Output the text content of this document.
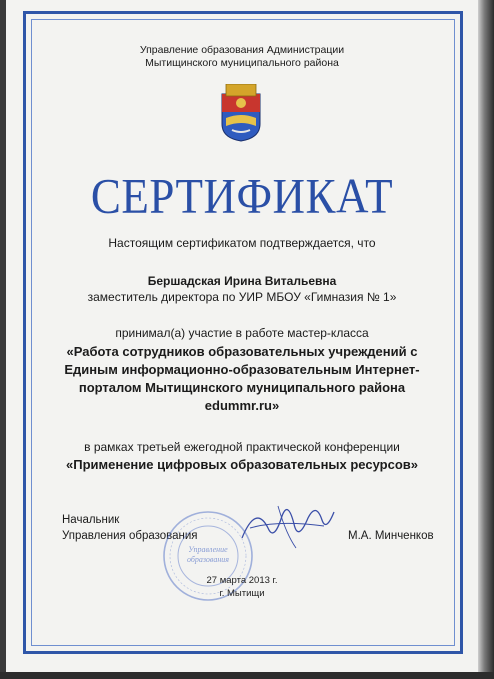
Управление образования Администрации
Мытищинского муниципального района
СЕРТИФИКАТ
Настоящим сертификатом подтверждается, что
Бершадская Ирина Витальевна
заместитель директора по УИР МБОУ «Гимназия № 1»
принимал(а) участие в работе мастер-класса
«Работа сотрудников образовательных учреждений с
Единым информационно-образовательным Интернет-
порталом Мытищинского муниципального района
edummr.ru»
в рамках третьей ежегодной практической конференции
«Применение цифровых образовательных ресурсов»
Начальник
Управления образования
Управление
образования
М.А. Минченков
27 марта 2013 г.
г. Мытищи
